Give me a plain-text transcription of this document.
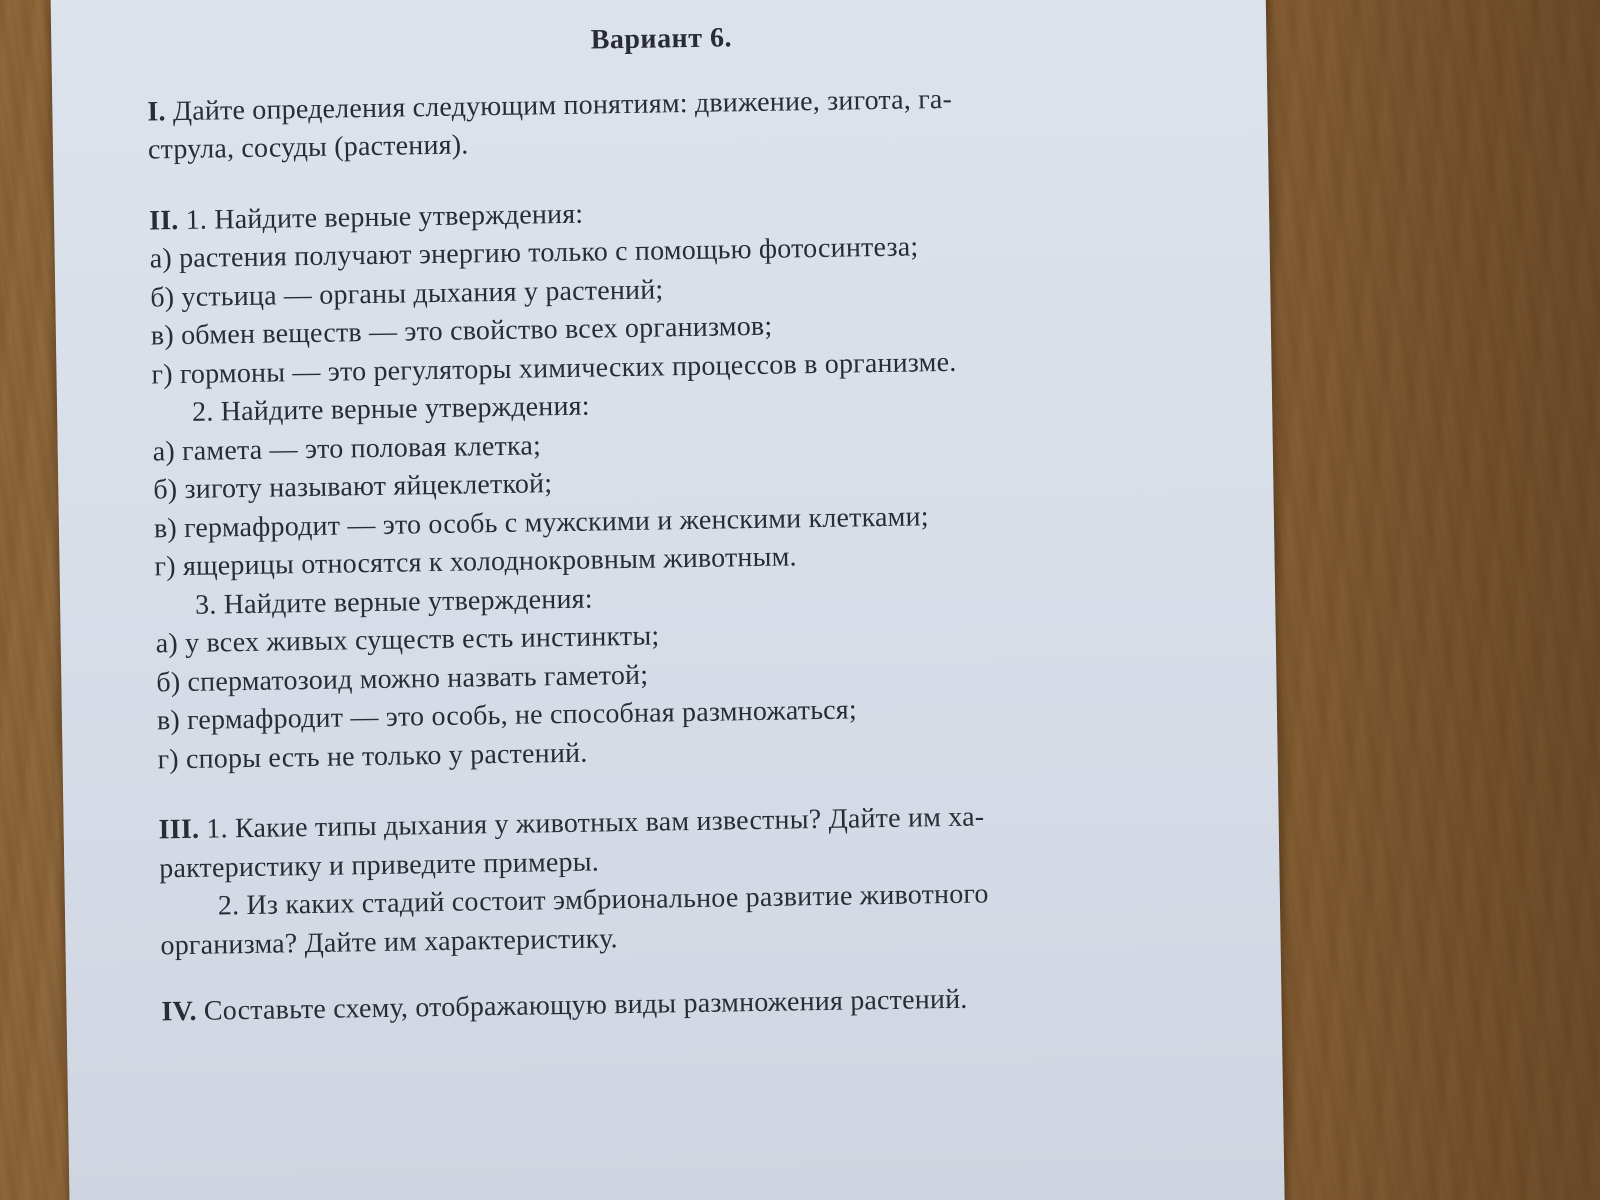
Вариант 6.

I. Дайте определения следующим понятиям: движение, зигота, га-

струла, сосуды (растения).

II. 1. Найдите верные утверждения:

а) растения получают энергию только с помощью фотосинтеза;

б) устьица — органы дыхания у растений;

в) обмен веществ — это свойство всех организмов;

г) гормоны — это регуляторы химических процессов в организме.

2. Найдите верные утверждения:

а) гамета — это половая клетка;

б) зиготу называют яйцеклеткой;

в) гермафродит — это особь с мужскими и женскими клетками;

г) ящерицы относятся к холоднокровным животным.

3. Найдите верные утверждения:

а) у всех живых существ есть инстинкты;

б) сперматозоид можно назвать гаметой;

в) гермафродит — это особь, не способная размножаться;

г) споры есть не только у растений.

III. 1. Какие типы дыхания у животных вам известны? Дайте им ха-

рактеристику и приведите примеры.

2. Из каких стадий состоит эмбриональное развитие животного

организма? Дайте им характеристику.

IV. Составьте схему, отображающую виды размножения растений.
